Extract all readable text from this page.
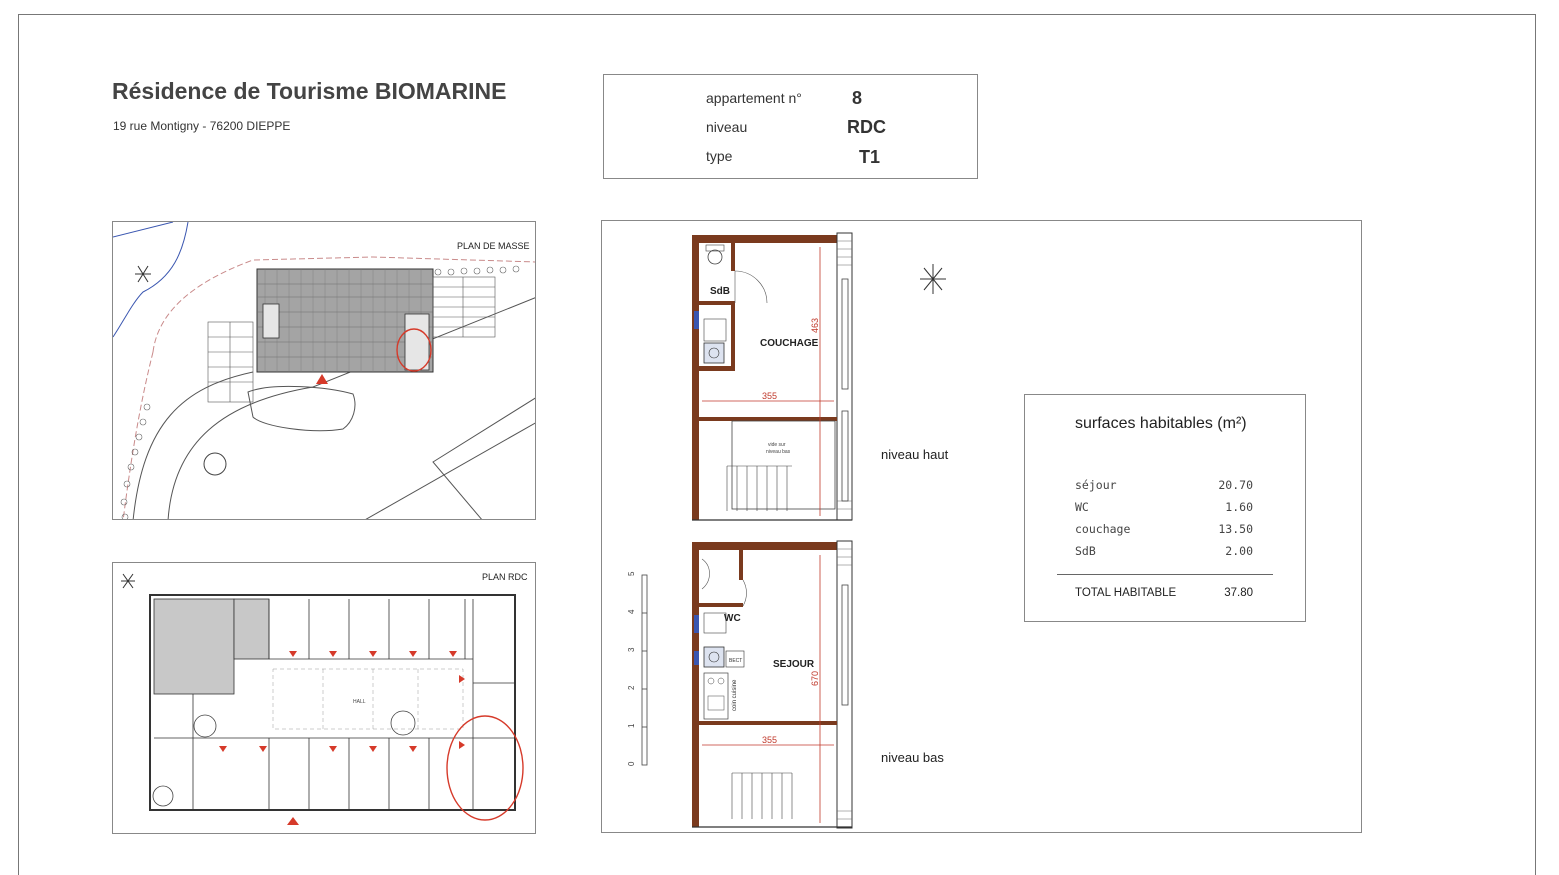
Résidence de Tourisme BIOMARINE
19 rue Montigny - 76200 DIEPPE
appartement n°	8
niveau	RDC
type	T1
PLAN DE MASSE
HALL
PLAN RDC
0
1
2
3
4
5
SdB
COUCHAGE
355
463
vide sur
niveau bas
WC
SEJOUR
355
670
coin cuisine
BECT
niveau haut
niveau bas
surfaces habitables (m²)
séjour	20.70
WC	1.60
couchage	13.50
SdB	2.00
TOTAL HABITABLE	37.80
